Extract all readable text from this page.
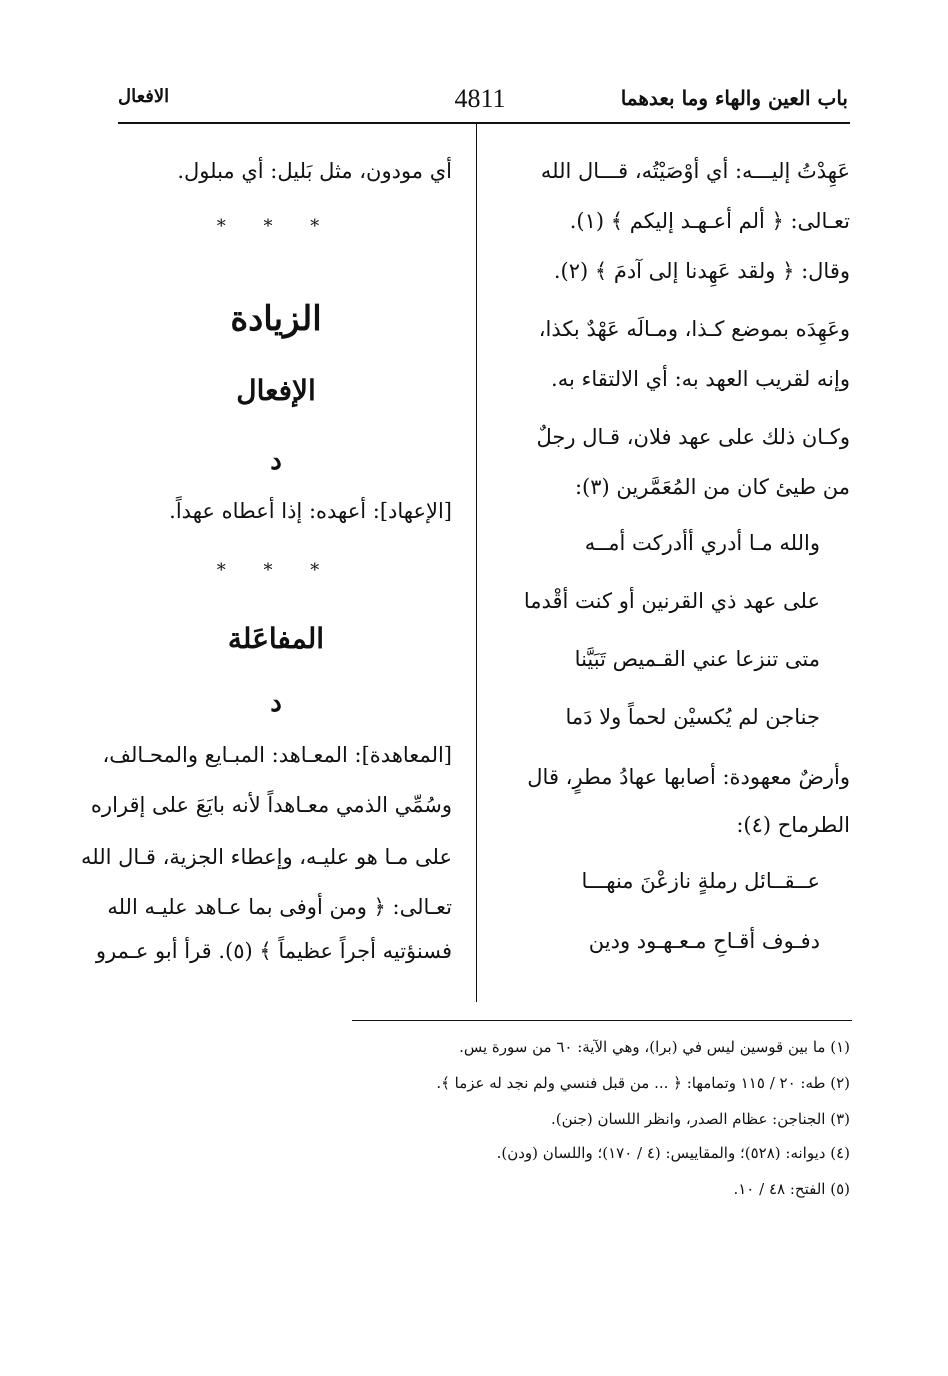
الافعال	4811	باب العين والهاء وما بعدهما
عَهِدْتُ إليـــه: أي أوْصَيْتُه، قـــال الله
تعـالى: ﴿ ألم أعـهـد إليكم ﴾ (١).
وقال: ﴿ ولقد عَهِدنا إلى آدمَ ﴾ (٢).
وعَهِدَه بموضع كـذا، ومـالَه عَهْدٌ بكذا،
وإنه لقريب العهد به: أي الالتقاء به.
وكـان ذلك على عهد فلان، قـال رجلٌ
من طيئ كان من المُعَمَّرين (٣):
والله مـا أدري أأدركت أمــه
على عهد ذي القرنين أو كنت أقْدما
متى تنزعا عني القـميص تَبَيَّنا
جناجن لم يُكسيْن لحماً ولا دَما
وأرضٌ معهودة: أصابها عهادُ مطرٍ، قال
الطرماح (٤):
عــقــائل رملةٍ نازعْنَ منهـــا
دفـوف أقـاحِ مـعـهـود ودين
أي مودون، مثل بَليل: أي مبلول.
* * *
الزيادة
الإفعال
د
[الإعهاد]: أعهده: إذا أعطاه عهداً.
* * *
المفاعَلة
د
[المعاهدة]: المعـاهد: المبـايع والمحـالف،
وسُمِّي الذمي معـاهداً لأنه بايَعَ على إقراره
على مـا هو عليـه، وإعطاء الجزية، قـال الله
تعـالى: ﴿ ومن أوفى بما عـاهد عليـه الله
فسنؤتيه أجراً عظيماً ﴾ (٥). قرأ أبو عـمرو
(١) ما بين قوسين ليس في (برا)، وهي الآية: ٦٠ من سورة يس.
(٢) طه: ٢٠ / ١١٥ وتمامها: ﴿ ... من قبل فنسي ولم نجد له عزما ﴾.
(٣) الجناجن: عظام الصدر، وانظر اللسان (جنن).
(٤) ديوانه: (٥٢٨)؛ والمقاييس: (٤ / ١٧٠)؛ واللسان (ودن).
(٥) الفتح: ٤٨ / ١٠.
